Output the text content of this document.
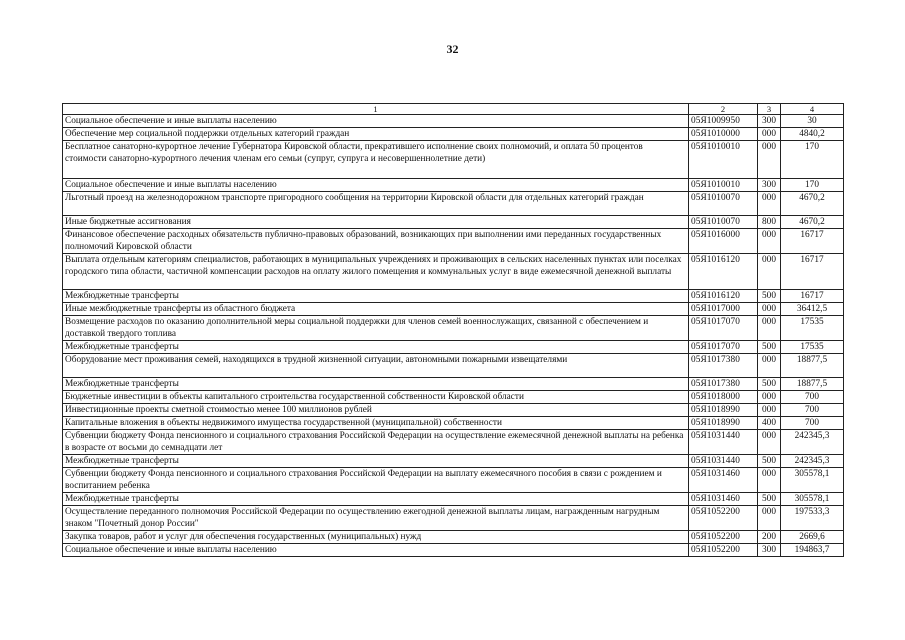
32
1	2	3	4
Социальное обеспечение и иные выплаты населению	05Я1009950	300	30
Обеспечение мер социальной поддержки отдельных категорий граждан	05Я1010000	000	4840,2
Бесплатное санаторно-курортное лечение Губернатора Кировской области, прекратившего исполнение своих полномочий, и оплата 50 процентов стоимости санаторно-курортного лечения членам его семьи (супруг, супруга и несовершеннолетние дети)	05Я1010010	000	170
Социальное обеспечение и иные выплаты населению	05Я1010010	300	170
Льготный проезд на железнодорожном транспорте пригородного сообщения на территории Кировской области для отдельных категорий граждан	05Я1010070	000	4670,2
Иные бюджетные ассигнования	05Я1010070	800	4670,2
Финансовое обеспечение расходных обязательств публично-правовых образований, возникающих при выполнении ими переданных государственных полномочий Кировской области	05Я1016000	000	16717
Выплата отдельным категориям специалистов, работающих в муниципальных учреждениях и проживающих в сельских населенных пунктах или поселках городского типа области, частичной компенсации расходов на оплату жилого помещения и коммунальных услуг в виде ежемесячной денежной выплаты	05Я1016120	000	16717
Межбюджетные трансферты	05Я1016120	500	16717
Иные межбюджетные трансферты из областного бюджета	05Я1017000	000	36412,5
Возмещение расходов по оказанию дополнительной меры социальной поддержки для членов семей военнослужащих, связанной с обеспечением и доставкой твердого топлива	05Я1017070	000	17535
Межбюджетные трансферты	05Я1017070	500	17535
Оборудование мест проживания семей, находящихся в трудной жизненной ситуации, автономными пожарными извещателями	05Я1017380	000	18877,5
Межбюджетные трансферты	05Я1017380	500	18877,5
Бюджетные инвестиции в объекты капитального строительства государственной собственности Кировской области	05Я1018000	000	700
Инвестиционные проекты сметной стоимостью менее 100 миллионов рублей	05Я1018990	000	700
Капитальные вложения в объекты недвижимого имущества государственной (муниципальной) собственности	05Я1018990	400	700
Субвенции бюджету Фонда пенсионного и социального страхования Российской Федерации на осуществление ежемесячной денежной выплаты на ребенка в возрасте от восьми до семнадцати лет	05Я1031440	000	242345,3
Межбюджетные трансферты	05Я1031440	500	242345,3
Субвенции бюджету Фонда пенсионного и социального страхования Российской Федерации на выплату ежемесячного пособия в связи с рождением и воспитанием ребенка	05Я1031460	000	305578,1
Межбюджетные трансферты	05Я1031460	500	305578,1
Осуществление переданного полномочия Российской Федерации по осуществлению ежегодной денежной выплаты лицам, награжденным нагрудным знаком "Почетный донор России"	05Я1052200	000	197533,3
Закупка товаров, работ и услуг для обеспечения государственных (муниципальных) нужд	05Я1052200	200	2669,6
Социальное обеспечение и иные выплаты населению	05Я1052200	300	194863,7
